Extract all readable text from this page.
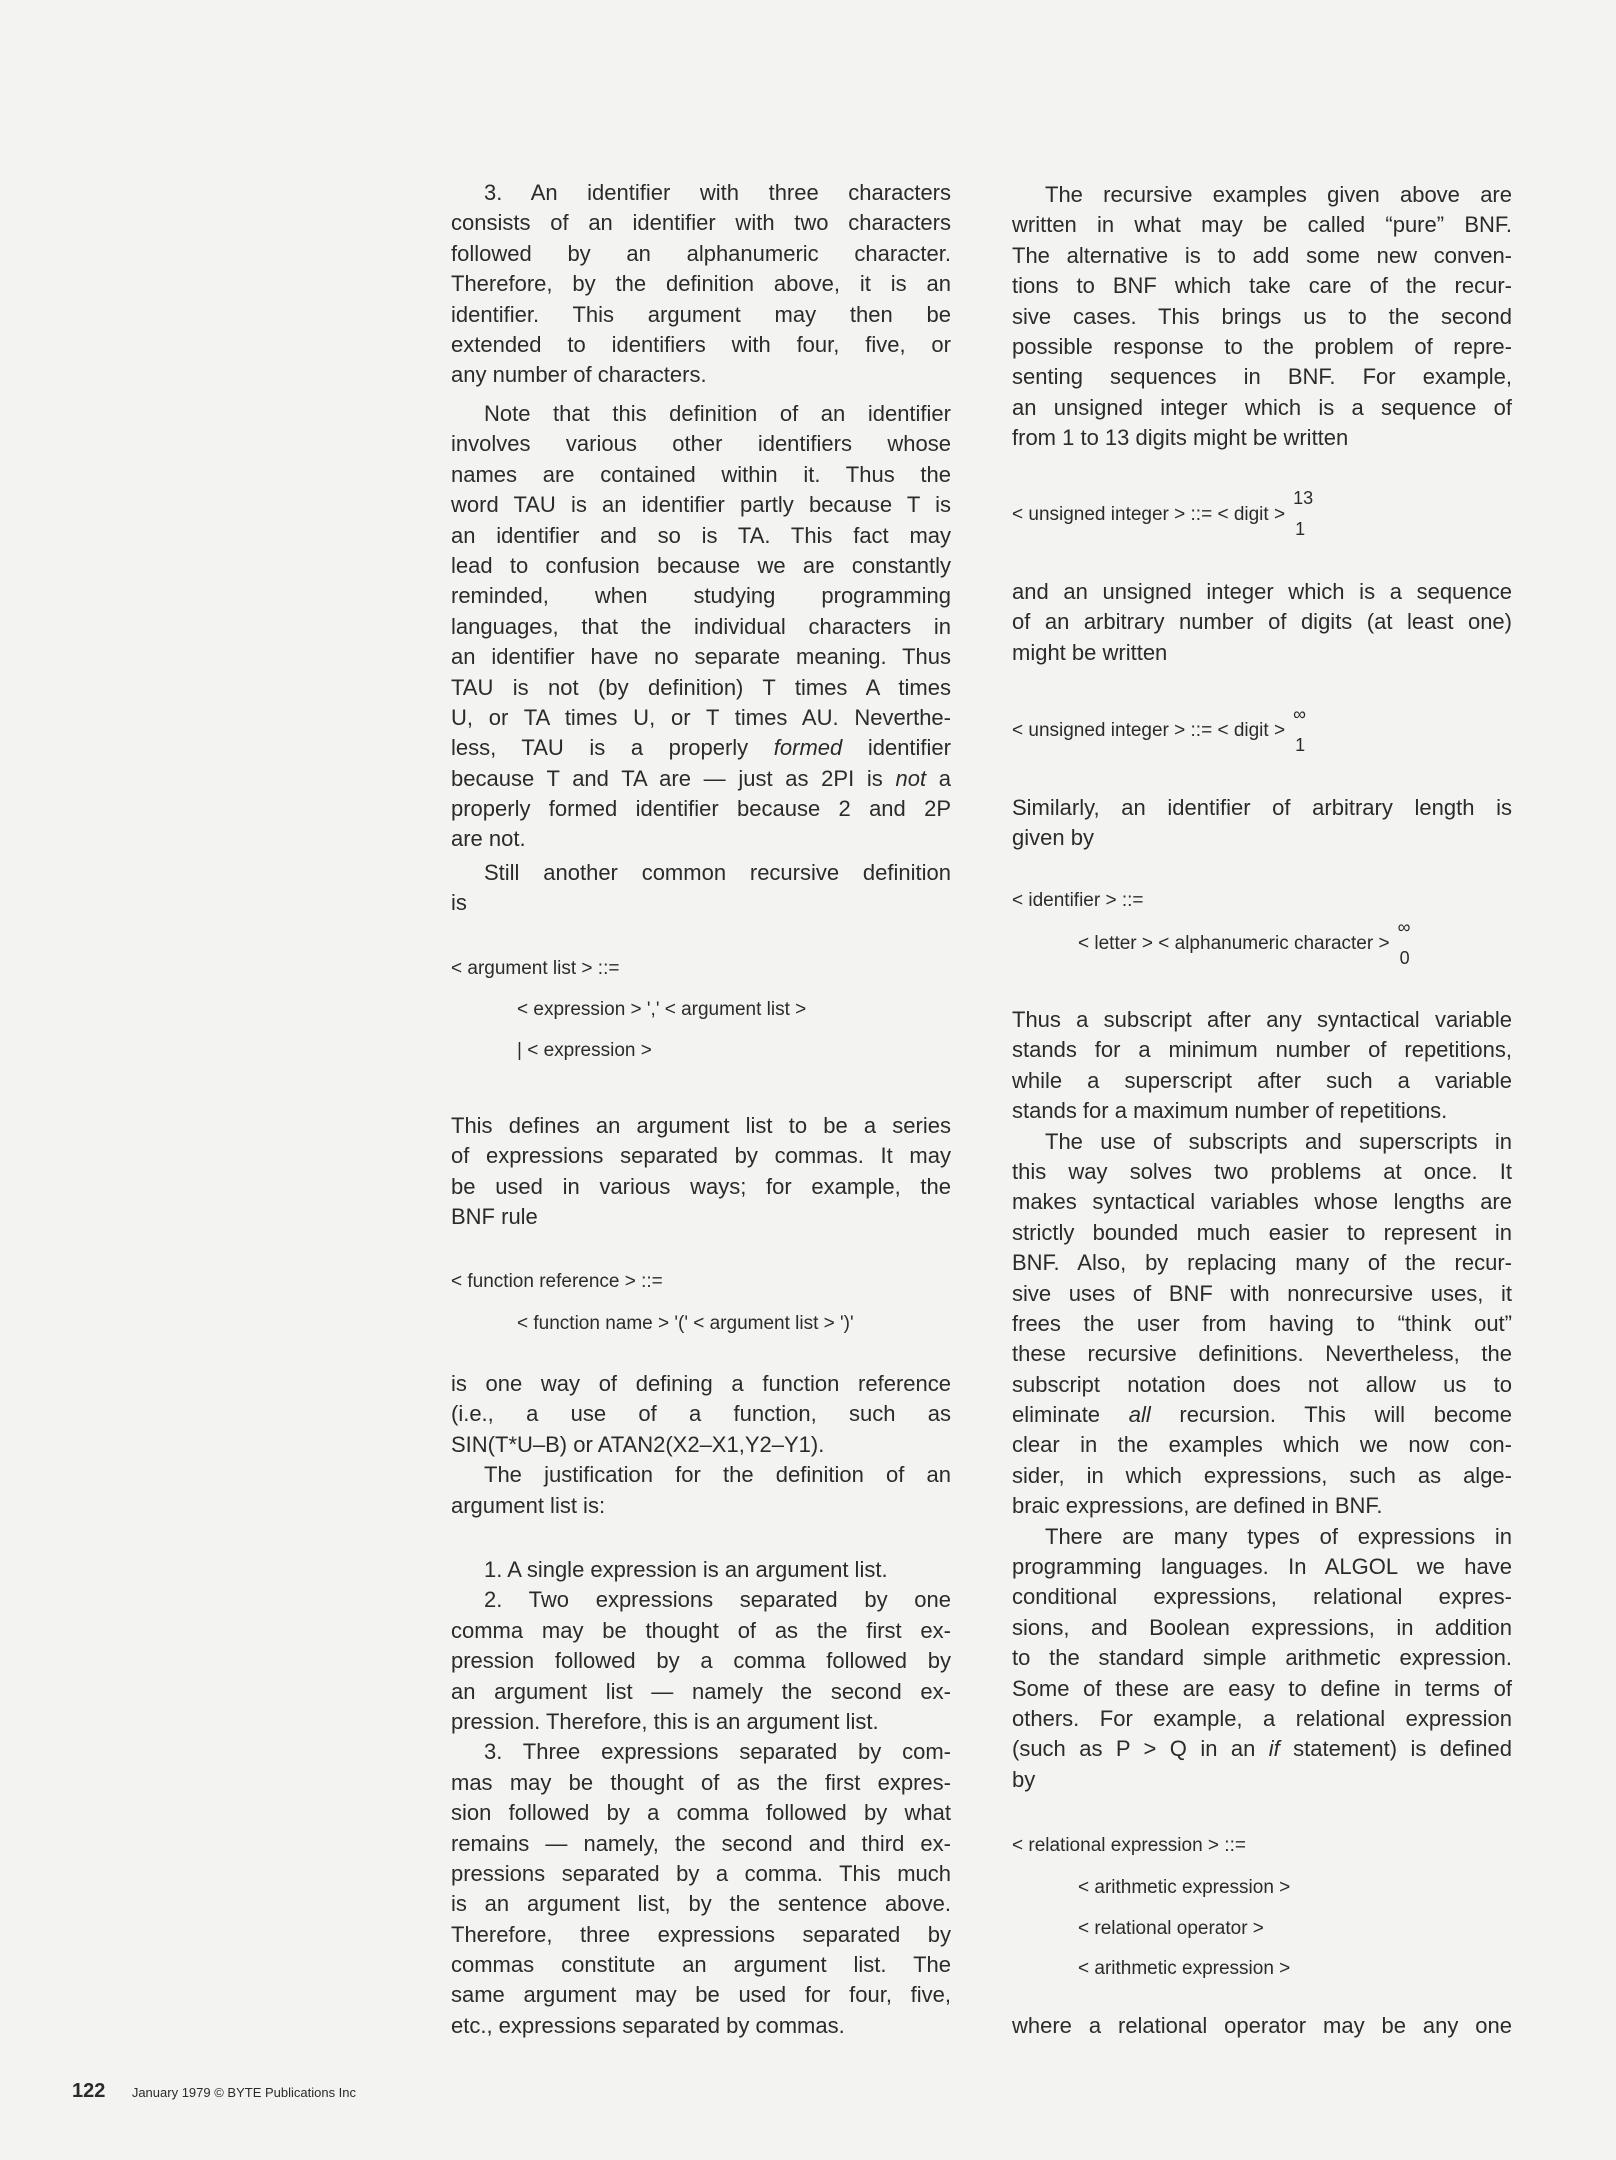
3. An identifier with three characters
consists of an identifier with two characters
followed by an alphanumeric character.
Therefore, by the definition above, it is an
identifier. This argument may then be
extended to identifiers with four, five, or
any number of characters.
Note that this definition of an identifier
involves various other identifiers whose
names are contained within it. Thus the
word TAU is an identifier partly because T is
an identifier and so is TA. This fact may
lead to confusion because we are constantly
reminded, when studying programming
languages, that the individual characters in
an identifier have no separate meaning. Thus
TAU is not (by definition) T times A times
U, or TA times U, or T times AU. Neverthe-
less, TAU is a properly formed identifier
because T and TA are — just as 2PI is not a
properly formed identifier because 2 and 2P
are not.
Still another common recursive definition
is
This defines an argument list to be a series
of expressions separated by commas. It may
be used in various ways; for example, the
BNF rule
is one way of defining a function reference
(i.e., a use of a function, such as
SIN(T*U–B) or ATAN2(X2–X1,Y2–Y1).
The justification for the definition of an
argument list is:
1. A single expression is an argument list.
2. Two expressions separated by one
comma may be thought of as the first ex-
pression followed by a comma followed by
an argument list — namely the second ex-
pression. Therefore, this is an argument list.
3. Three expressions separated by com-
mas may be thought of as the first expres-
sion followed by a comma followed by what
remains — namely, the second and third ex-
pressions separated by a comma. This much
is an argument list, by the sentence above.
Therefore, three expressions separated by
commas constitute an argument list. The
same argument may be used for four, five,
etc., expressions separated by commas.
< argument list > ::=
< expression > ',' < argument list >
| < expression >
< function reference > ::=
< function name > '(' < argument list > ')'
The recursive examples given above are
written in what may be called “pure” BNF.
The alternative is to add some new conven-
tions to BNF which take care of the recur-
sive cases. This brings us to the second
possible response to the problem of repre-
senting sequences in BNF. For example,
an unsigned integer which is a sequence of
from 1 to 13 digits might be written
and an unsigned integer which is a sequence
of an arbitrary number of digits (at least one)
might be written
Similarly, an identifier of arbitrary length is
given by
Thus a subscript after any syntactical variable
stands for a minimum number of repetitions,
while a superscript after such a variable
stands for a maximum number of repetitions.
The use of subscripts and superscripts in
this way solves two problems at once. It
makes syntactical variables whose lengths are
strictly bounded much easier to represent in
BNF. Also, by replacing many of the recur-
sive uses of BNF with nonrecursive uses, it
frees the user from having to “think out”
these recursive definitions. Nevertheless, the
subscript notation does not allow us to
eliminate all recursion. This will become
clear in the examples which we now con-
sider, in which expressions, such as alge-
braic expressions, are defined in BNF.
There are many types of expressions in
programming languages. In ALGOL we have
conditional expressions, relational expres-
sions, and Boolean expressions, in addition
to the standard simple arithmetic expression.
Some of these are easy to define in terms of
others. For example, a relational expression
(such as P > Q in an if statement) is defined
by
where a relational operator may be any one
< unsigned integer > ::= < digit >
13
1
< unsigned integer > ::= < digit >
∞
1
< identifier > ::=
< letter > < alphanumeric character >
∞
0
< relational expression > ::=
< arithmetic expression >
< relational operator >
< arithmetic expression >
122 January 1979 © BYTE Publications Inc
